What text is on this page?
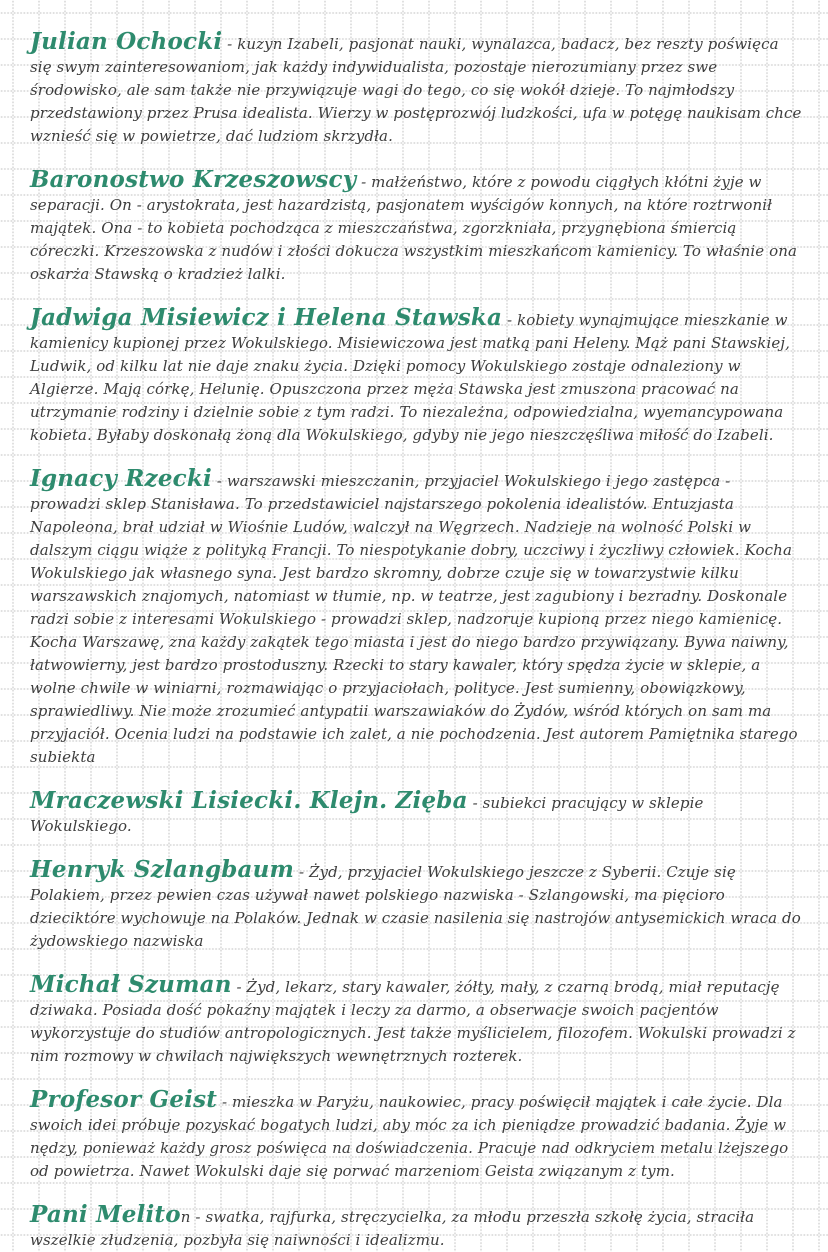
Julian Ochocki - kuzyn Izabeli, pasjonat nauki, wynalazca, badacz, bez reszty poświęca się swym zainteresowaniom, jak każdy indywidualista, pozostaje nierozumiany przez swe środowisko, ale sam także nie przywiązuje wagi do tego, co się wokół dzieje. To najmłodszy przedstawiony przez Prusa idealista. Wierzy w postęprozwój ludzkości, ufa w potęgę naukisam chce wznieść się w powietrze, dać ludziom skrzydła.

Baronostwo Krzeszowscy - małżeństwo, które z powodu ciągłych kłótni żyje w separacji. On - arystokrata, jest hazardzistą, pasjonatem wyścigów konnych, na które roztrwonił majątek. Ona - to kobieta pochodząca z mieszczaństwa, zgorzkniała, przygnębiona śmiercią córeczki. Krzeszowska z nudów i złości dokucza wszystkim mieszkańcom kamienicy. To właśnie ona oskarża Stawską o kradzież lalki.

Jadwiga Misiewicz i Helena Stawska - kobiety wynajmujące mieszkanie w kamienicy kupionej przez Wokulskiego. Misiewiczowa jest matką pani Heleny. Mąż pani Stawskiej, Ludwik, od kilku lat nie daje znaku życia. Dzięki pomocy Wokulskiego zostaje odnaleziony w Algierze. Mają córkę, Helunię. Opuszczona przez męża Stawska jest zmuszona pracować na utrzymanie rodziny i dzielnie sobie z tym radzi. To niezależna, odpowiedzialna, wyemancypowana kobieta. Byłaby doskonałą żoną dla Wokulskiego, gdyby nie jego nieszczęśliwa miłość do Izabeli.

Ignacy Rzecki - warszawski mieszczanin, przyjaciel Wokulskiego i jego zastępca - prowadzi sklep Stanisława. To przedstawiciel najstarszego pokolenia idealistów. Entuzjasta Napoleona, brał udział w Wiośnie Ludów, walczył na Węgrzech. Nadzieje na wolność Polski w dalszym ciągu wiąże z polityką Francji. To niespotykanie dobry, uczciwy i życzliwy człowiek. Kocha Wokulskiego jak własnego syna. Jest bardzo skromny, dobrze czuje się w towarzystwie kilku warszawskich znajomych, natomiast w tłumie, np. w teatrze, jest zagubiony i bezradny. Doskonale radzi sobie z interesami Wokulskiego - prowadzi sklep, nadzoruje kupioną przez niego kamienicę. Kocha Warszawę, zna każdy zakątek tego miasta i jest do niego bardzo przywiązany. Bywa naiwny, łatwowierny, jest bardzo prostoduszny. Rzecki to stary kawaler, który spędza życie w sklepie, a wolne chwile w winiarni, rozmawiając o przyjaciołach, polityce. Jest sumienny, obowiązkowy, sprawiedliwy. Nie może zrozumieć antypatii warszawiaków do Żydów, wśród których on sam ma przyjaciół. Ocenia ludzi na podstawie ich zalet, a nie pochodzenia. Jest autorem Pamiętnika starego subiekta

Mraczewski Lisiecki. Klejn. Zięba - subiekci pracujący w sklepie Wokulskiego.

Henryk Szlangbaum - Żyd, przyjaciel Wokulskiego jeszcze z Syberii. Czuje się Polakiem, przez pewien czas używał nawet polskiego nazwiska - Szlangowski, ma pięcioro dzieciktóre wychowuje na Polaków. Jednak w czasie nasilenia się nastrojów antysemickich wraca do żydowskiego nazwiska

Michał Szuman - Żyd, lekarz, stary kawaler, żółty, mały, z czarną brodą, miał reputację dziwaka. Posiada dość pokaźny majątek i leczy za darmo, a obserwacje swoich pacjentów wykorzystuje do studiów antropologicznych. Jest także myślicielem, filozofem. Wokulski prowadzi z nim rozmowy w chwilach największych wewnętrznych rozterek.

Profesor Geist - mieszka w Paryżu, naukowiec, pracy poświęcił majątek i całe życie. Dla swoich idei próbuje pozyskać bogatych ludzi, aby móc za ich pieniądze prowadzić badania. Żyje w nędzy, ponieważ każdy grosz poświęca na doświadczenia. Pracuje nad odkryciem metalu lżejszego od powietrza. Nawet Wokulski daje się porwać marzeniom Geista związanym z tym.

Pani Meliton - swatka, rajfurka, stręczycielka, za młodu przeszła szkołę życia, straciła wszelkie złudzenia, pozbyła się naiwności i idealizmu.
